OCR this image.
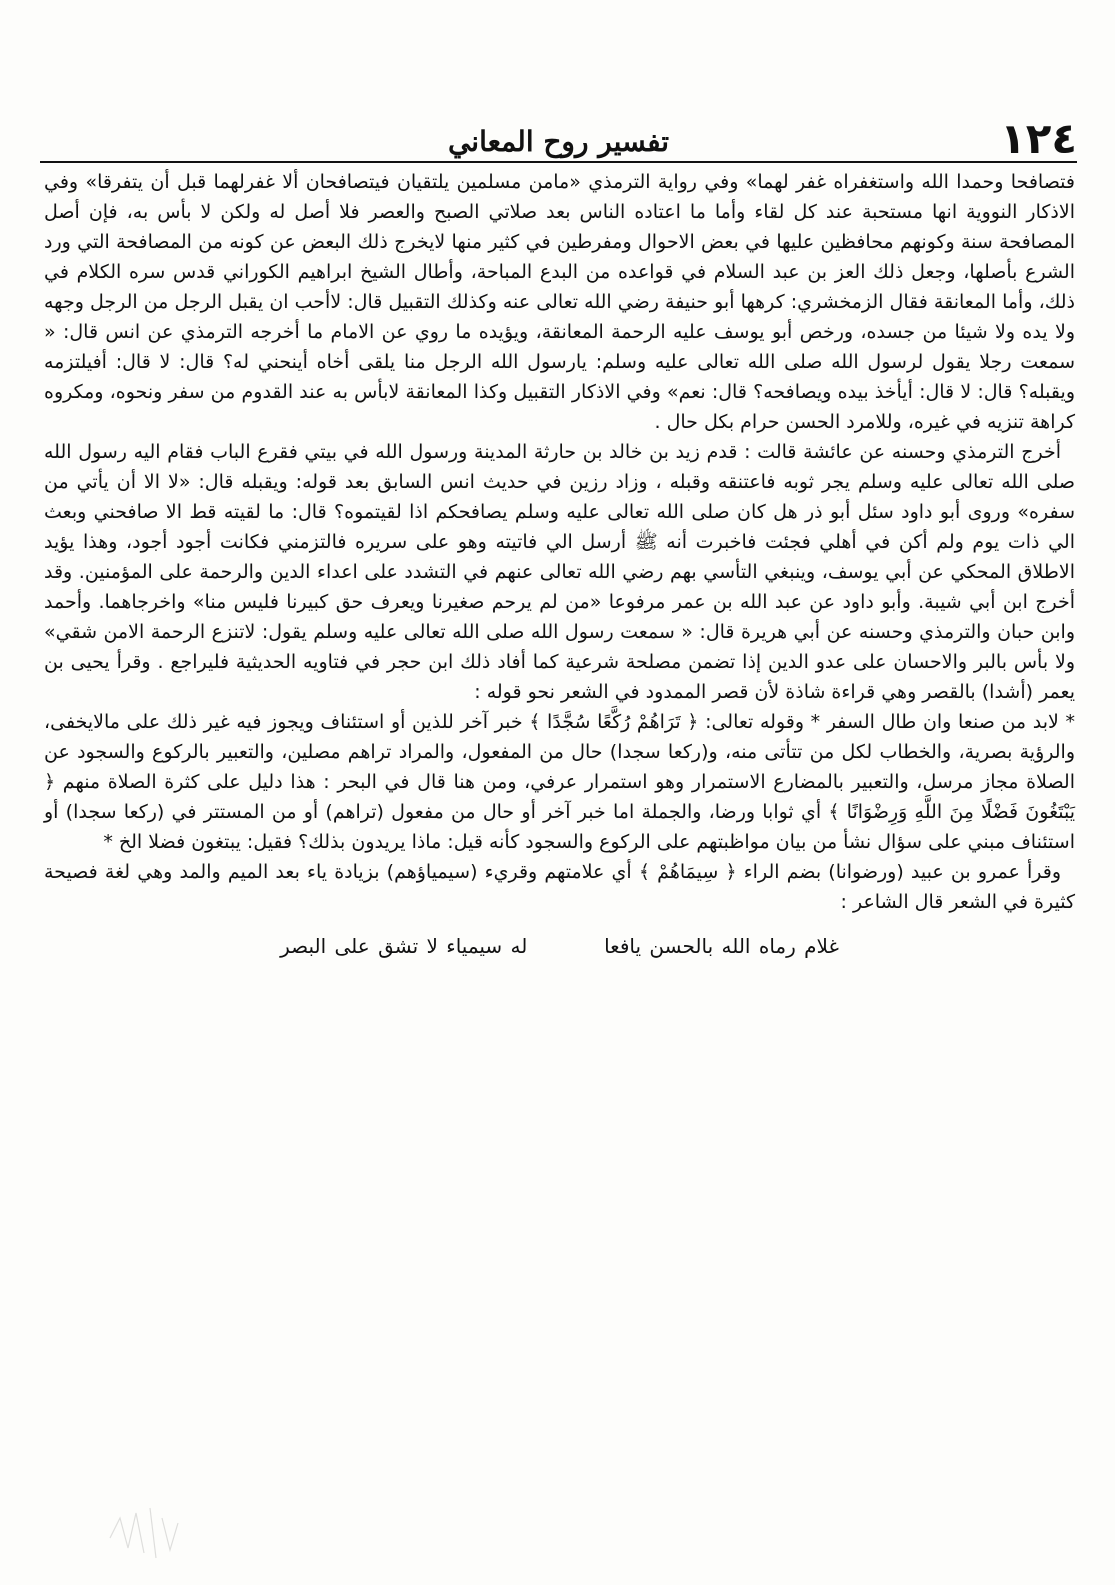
١٢٤
تفسير روح المعاني

فتصافحا وحمدا الله واستغفراه غفر لهما» وفي رواية الترمذي «مامن مسلمين يلتقيان فيتصافحان ألا غفرلهما قبل أن يتفرقا» وفي الاذكار النووية انها مستحبة عند كل لقاء وأما ما اعتاده الناس بعد صلاتي الصبح والعصر فلا أصل له ولكن لا بأس به، فإن أصل المصافحة سنة وكونهم محافظين عليها في بعض الاحوال ومفرطين في كثير منها لايخرج ذلك البعض عن كونه من المصافحة التي ورد الشرع بأصلها، وجعل ذلك العز بن عبد السلام في قواعده من البدع المباحة، وأطال الشيخ ابراهيم الكوراني قدس سره الكلام في ذلك، وأما المعانقة فقال الزمخشري: كرهها أبو حنيفة رضي الله تعالى عنه وكذلك التقبيل قال: لاأحب ان يقبل الرجل من الرجل وجهه ولا يده ولا شيئا من جسده، ورخص أبو يوسف عليه الرحمة المعانقة، ويؤيده ما روي عن الامام ما أخرجه الترمذي عن انس قال: « سمعت رجلا يقول لرسول الله صلى الله تعالى عليه وسلم: يارسول الله الرجل منا يلقى أخاه أينحني له؟ قال: لا قال: أفيلتزمه ويقبله؟ قال: لا قال: أيأخذ بيده ويصافحه؟ قال: نعم» وفي الاذكار التقبيل وكذا المعانقة لابأس به عند القدوم من سفر ونحوه، ومكروه كراهة تنزيه في غيره، وللامرد الحسن حرام بكل حال .

أخرج الترمذي وحسنه عن عائشة قالت : قدم زيد بن خالد بن حارثة المدينة ورسول الله في بيتي فقرع الباب فقام اليه رسول الله صلى الله تعالى عليه وسلم يجر ثوبه فاعتنقه وقبله ، وزاد رزين في حديث انس السابق بعد قوله: ويقبله قال: «لا الا أن يأتي من سفره» وروى أبو داود سئل أبو ذر هل كان صلى الله تعالى عليه وسلم يصافحكم اذا لقيتموه؟ قال: ما لقيته قط الا صافحني وبعث الي ذات يوم ولم أكن في أهلي فجئت فاخبرت أنه ﷺ أرسل الي فاتيته وهو على سريره فالتزمني فكانت أجود أجود، وهذا يؤيد الاطلاق المحكي عن أبي يوسف، وينبغي التأسي بهم رضي الله تعالى عنهم في التشدد على اعداء الدين والرحمة على المؤمنين. وقد أخرج ابن أبي شيبة. وأبو داود عن عبد الله بن عمر مرفوعا «من لم يرحم صغيرنا ويعرف حق كبيرنا فليس منا» واخرجاهما. وأحمد وابن حبان والترمذي وحسنه عن أبي هريرة قال: « سمعت رسول الله صلى الله تعالى عليه وسلم يقول: لاتنزع الرحمة الامن شقي» ولا بأس بالبر والاحسان على عدو الدين إذا تضمن مصلحة شرعية كما أفاد ذلك ابن حجر في فتاويه الحديثية فليراجع . وقرأ يحيى بن يعمر (أشدا) بالقصر وهي قراءة شاذة لأن قصر الممدود في الشعر نحو قوله :

* لابد من صنعا وان طال السفر * وقوله تعالى: ﴿ تَرَاهُمْ رُكَّعًا سُجَّدًا ﴾ خبر آخر للذين أو استئناف ويجوز فيه غير ذلك على مالايخفى، والرؤية بصرية، والخطاب لكل من تتأتى منه، و(ركعا سجدا) حال من المفعول، والمراد تراهم مصلين، والتعبير بالركوع والسجود عن الصلاة مجاز مرسل، والتعبير بالمضارع الاستمرار وهو استمرار عرفي، ومن هنا قال في البحر : هذا دليل على كثرة الصلاة منهم ﴿ يَبْتَغُونَ فَضْلًا مِنَ اللَّهِ وَرِضْوَانًا ﴾ أي ثوابا ورضا، والجملة اما خبر آخر أو حال من مفعول (تراهم) أو من المستتر في (ركعا سجدا) أو استئناف مبني على سؤال نشأ من بيان مواظبتهم على الركوع والسجود كأنه قيل: ماذا يريدون بذلك؟ فقيل: يبتغون فضلا الخ *

وقرأ عمرو بن عبيد (ورضوانا) بضم الراء ﴿ سِيمَاهُمْ ﴾ أي علامتهم وقريء (سيمياؤهم) بزيادة ياء بعد الميم والمد وهي لغة فصيحة كثيرة في الشعر قال الشاعر :

غلام رماه الله بالحسن يافعا  له سيمياء لا تشق على البصر
